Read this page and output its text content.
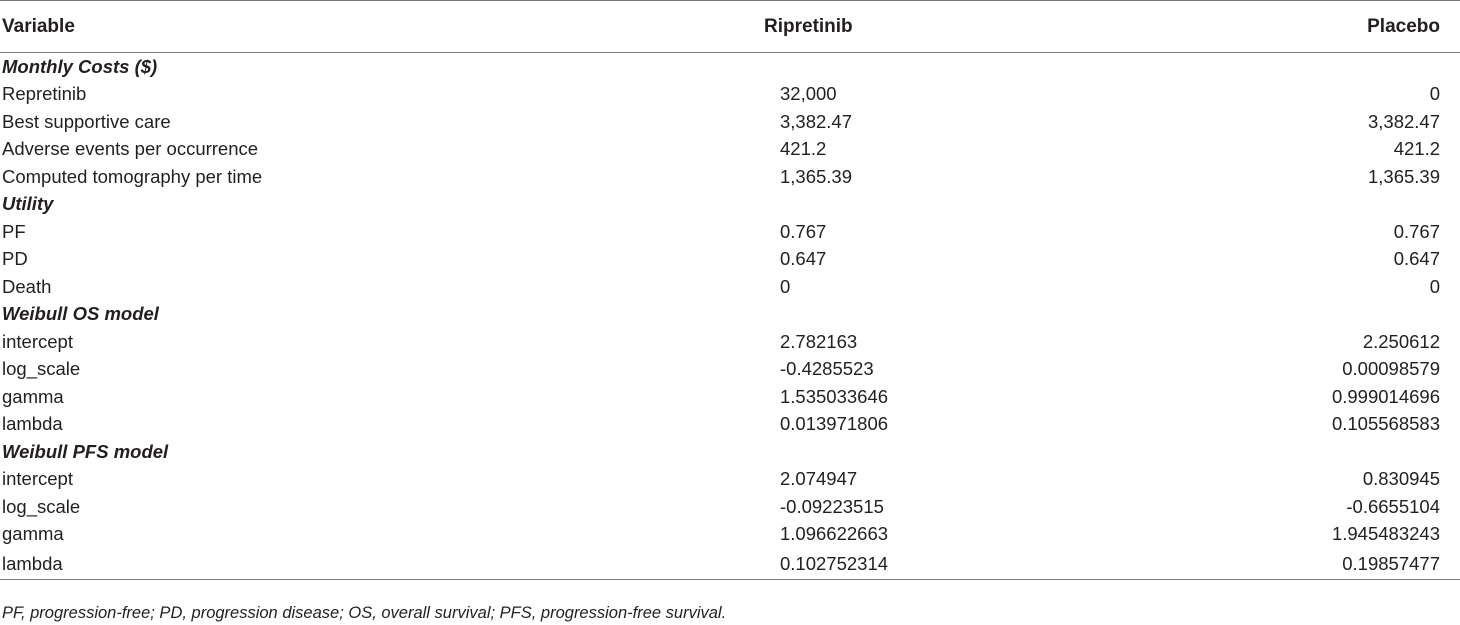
Variable	Ripretinib	Placebo
Monthly Costs ($)		
Repretinib	32,000	0
Best supportive care	3,382.47	3,382.47
Adverse events per occurrence	421.2	421.2
Computed tomography per time	1,365.39	1,365.39
Utility		
PF	0.767	0.767
PD	0.647	0.647
Death	0	0
Weibull OS model		
intercept	2.782163	2.250612
log_scale	-0.4285523	0.00098579
gamma	1.535033646	0.999014696
lambda	0.013971806	0.105568583
Weibull PFS model		
intercept	2.074947	0.830945
log_scale	-0.09223515	-0.6655104
gamma	1.096622663	1.945483243
lambda	0.102752314	0.19857477
PF, progression-free; PD, progression disease; OS, overall survival; PFS, progression-free survival.
